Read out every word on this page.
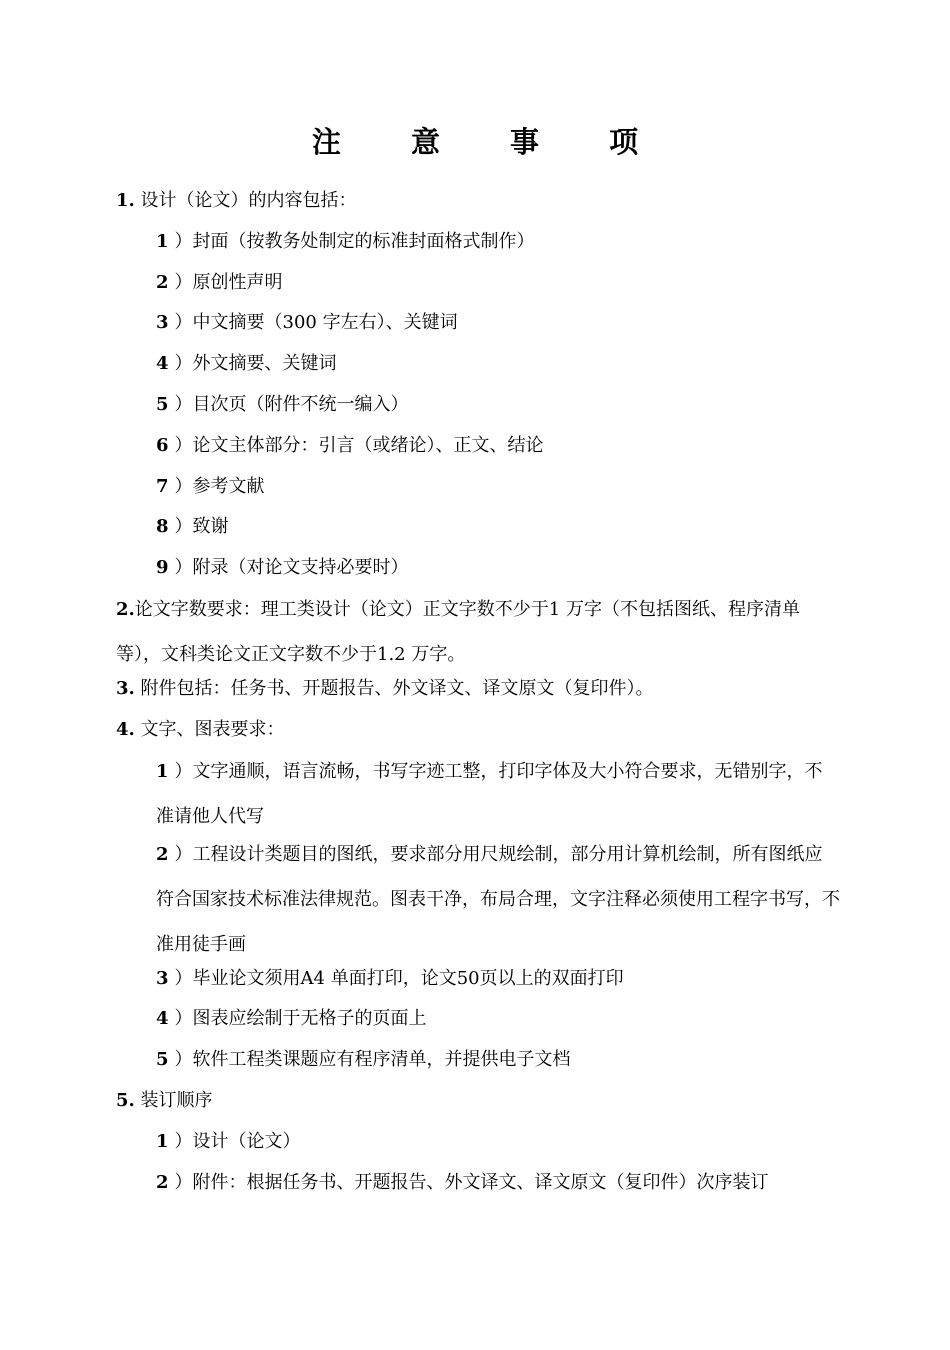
注 意 事 项
1. 设计（论文）的内容包括：
1 ）封面（按教务处制定的标准封面格式制作）
2 ）原创性声明
3 ）中文摘要（300 字左右）、关键词
4 ）外文摘要、关键词
5 ）目次页（附件不统一编入）
6 ）论文主体部分：引言（或绪论）、正文、结论
7 ）参考文献
8 ）致谢
9 ）附录（对论文支持必要时）
2.论文字数要求：理工类设计（论文）正文字数不少于1 万字（不包括图纸、程序清单等），文科类论文正文字数不少于1.2 万字。
3. 附件包括：任务书、开题报告、外文译文、译文原文（复印件）。
4. 文字、图表要求：
1 ）文字通顺，语言流畅，书写字迹工整，打印字体及大小符合要求，无错别字，不准请他人代写
2 ）工程设计类题目的图纸，要求部分用尺规绘制，部分用计算机绘制，所有图纸应符合国家技术标准法律规范。图表干净，布局合理，文字注释必须使用工程字书写，不准用徒手画
3 ）毕业论文须用A4 单面打印，论文50页以上的双面打印
4 ）图表应绘制于无格子的页面上
5 ）软件工程类课题应有程序清单，并提供电子文档
5. 装订顺序
1 ）设计（论文）
2 ）附件：根据任务书、开题报告、外文译文、译文原文（复印件）次序装订
